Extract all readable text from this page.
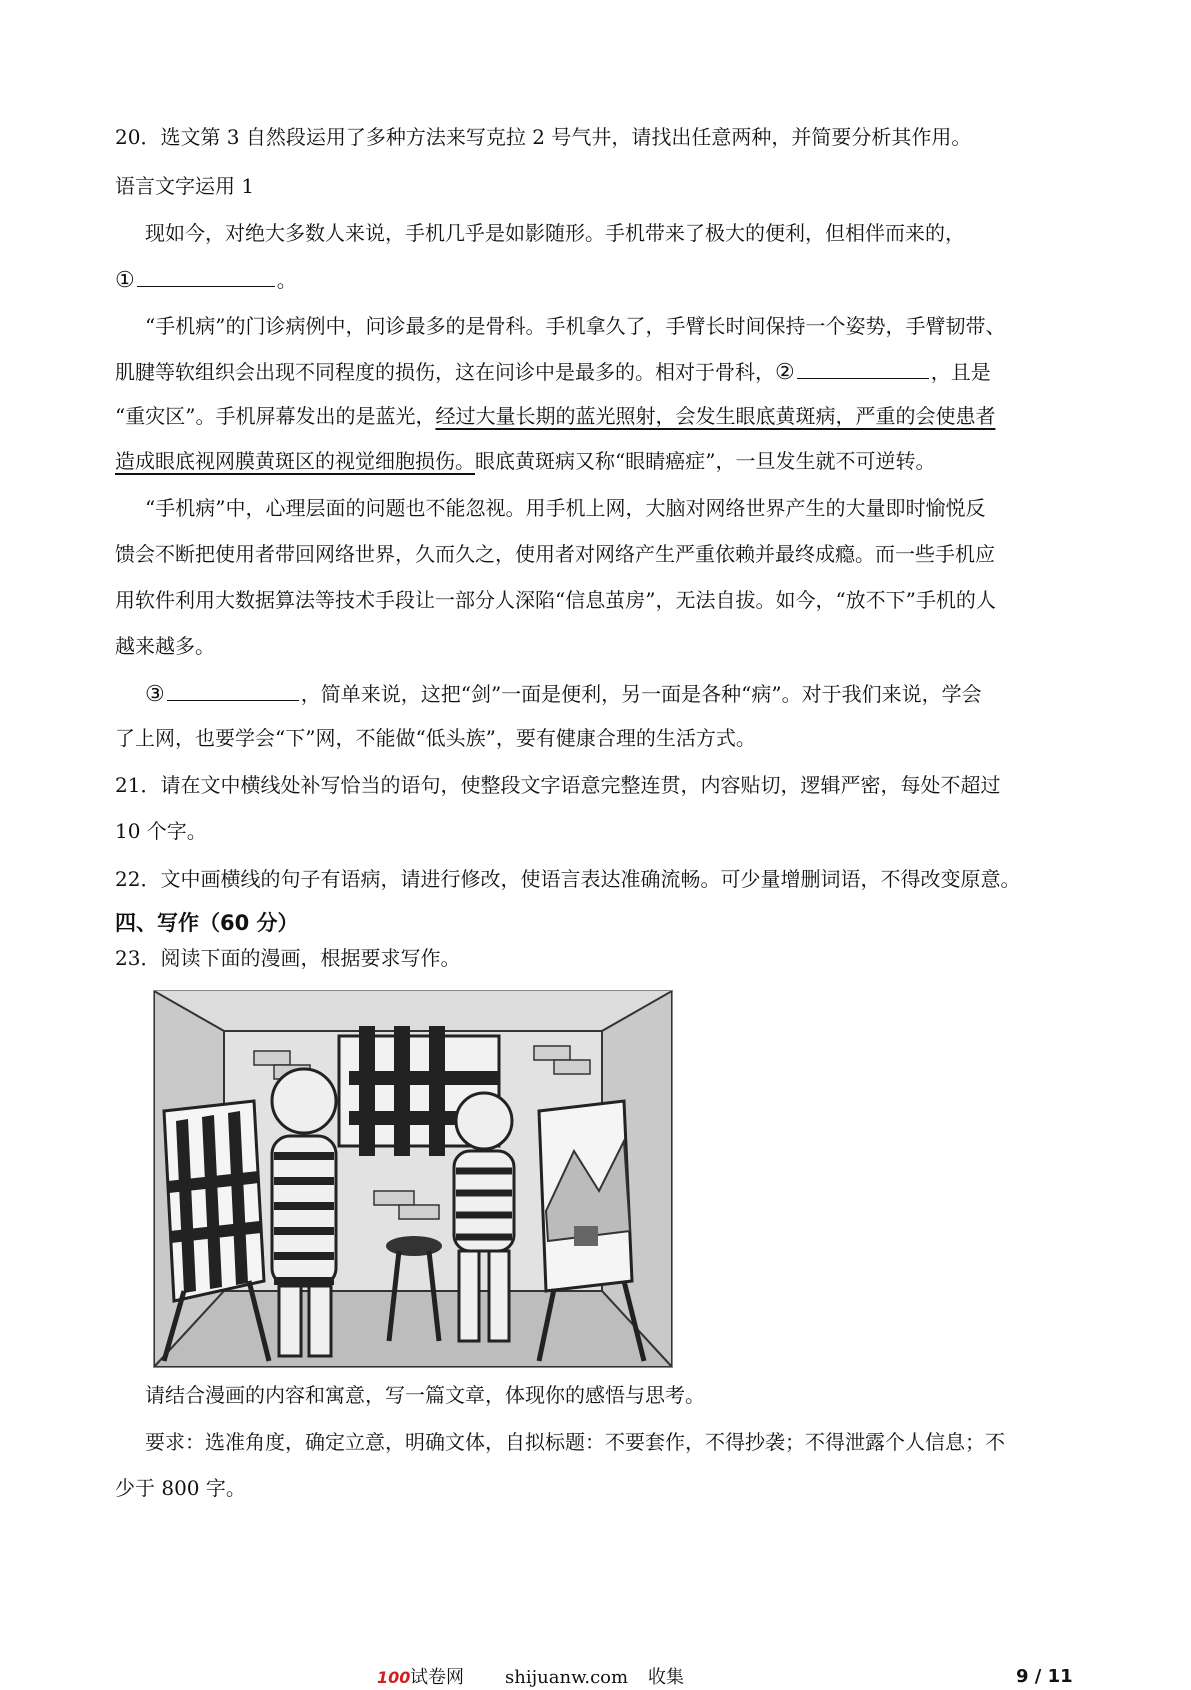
20．选文第 3 自然段运用了多种方法来写克拉 2 号气井，请找出任意两种，并简要分析其作用。
语言文字运用 1
现如今，对绝大多数人来说，手机几乎是如影随形。手机带来了极大的便利，但相伴而来的，
①	。
“手机病”的门诊病例中，问诊最多的是骨科。手机拿久了，手臂长时间保持一个姿势，手臂韧带、
肌腱等软组织会出现不同程度的损伤，这在问诊中是最多的。相对于骨科，②	，且是
“重灾区”。手机屏幕发出的是蓝光，经过大量长期的蓝光照射，会发生眼底黄斑病，严重的会使患者
造成眼底视网膜黄斑区的视觉细胞损伤。眼底黄斑病又称“眼睛癌症”，一旦发生就不可逆转。
“手机病”中，心理层面的问题也不能忽视。用手机上网，大脑对网络世界产生的大量即时愉悦反
馈会不断把使用者带回网络世界，久而久之，使用者对网络产生严重依赖并最终成瘾。而一些手机应
用软件利用大数据算法等技术手段让一部分人深陷“信息茧房”，无法自拔。如今，“放不下”手机的人
越来越多。
③	，简单来说，这把“剑”一面是便利，另一面是各种“病”。对于我们来说，学会
了上网，也要学会“下”网，不能做“低头族”，要有健康合理的生活方式。
21．请在文中横线处补写恰当的语句，使整段文字语意完整连贯，内容贴切，逻辑严密，每处不超过
10 个字。
22．文中画横线的句子有语病，请进行修改，使语言表达准确流畅。可少量增删词语，不得改变原意。
四、写作（60 分）
23．阅读下面的漫画，根据要求写作。
请结合漫画的内容和寓意，写一篇文章，体现你的感悟与思考。
要求：选准角度，确定立意，明确文体，自拟标题：不要套作，不得抄袭；不得泄露个人信息；不
少于 800 字。
100 试卷网 shijuanw.com 收集	9 / 11
